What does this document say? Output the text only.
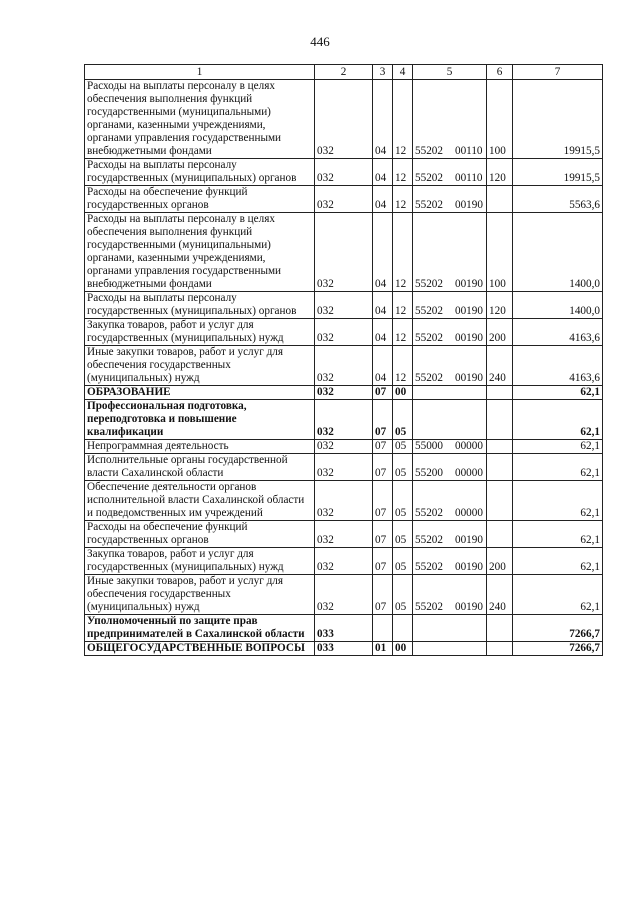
446
1	2	3	4	5	6	7
Расходы на выплаты персоналу в целях обеспечения выполнения функций государственными (муниципальными) органами, казенными учреждениями, органами управления государственными внебюджетными фондами	032	04	12	55202 00110	100	19915,5
Расходы на выплаты персоналу государственных (муниципальных) органов	032	04	12	55202 00110	120	19915,5
Расходы на обеспечение функций государственных органов	032	04	12	55202 00190		5563,6
Расходы на выплаты персоналу в целях обеспечения выполнения функций государственными (муниципальными) органами, казенными учреждениями, органами управления государственными внебюджетными фондами	032	04	12	55202 00190	100	1400,0
Расходы на выплаты персоналу государственных (муниципальных) органов	032	04	12	55202 00190	120	1400,0
Закупка товаров, работ и услуг для государственных (муниципальных) нужд	032	04	12	55202 00190	200	4163,6
Иные закупки товаров, работ и услуг для обеспечения государственных (муниципальных) нужд	032	04	12	55202 00190	240	4163,6
ОБРАЗОВАНИЕ	032	07	00			62,1
Профессиональная подготовка, переподготовка и повышение квалификации	032	07	05			62,1
Непрограммная деятельность	032	07	05	55000 00000		62,1
Исполнительные органы государственной власти Сахалинской области	032	07	05	55200 00000		62,1
Обеспечение деятельности органов исполнительной власти Сахалинской области и подведомственных им учреждений	032	07	05	55202 00000		62,1
Расходы на обеспечение функций государственных органов	032	07	05	55202 00190		62,1
Закупка товаров, работ и услуг для государственных (муниципальных) нужд	032	07	05	55202 00190	200	62,1
Иные закупки товаров, работ и услуг для обеспечения государственных (муниципальных) нужд	032	07	05	55202 00190	240	62,1
Уполномоченный по защите прав предпринимателей в Сахалинской области	033					7266,7
ОБЩЕГОСУДАРСТВЕННЫЕ ВОПРОСЫ	033	01	00			7266,7
